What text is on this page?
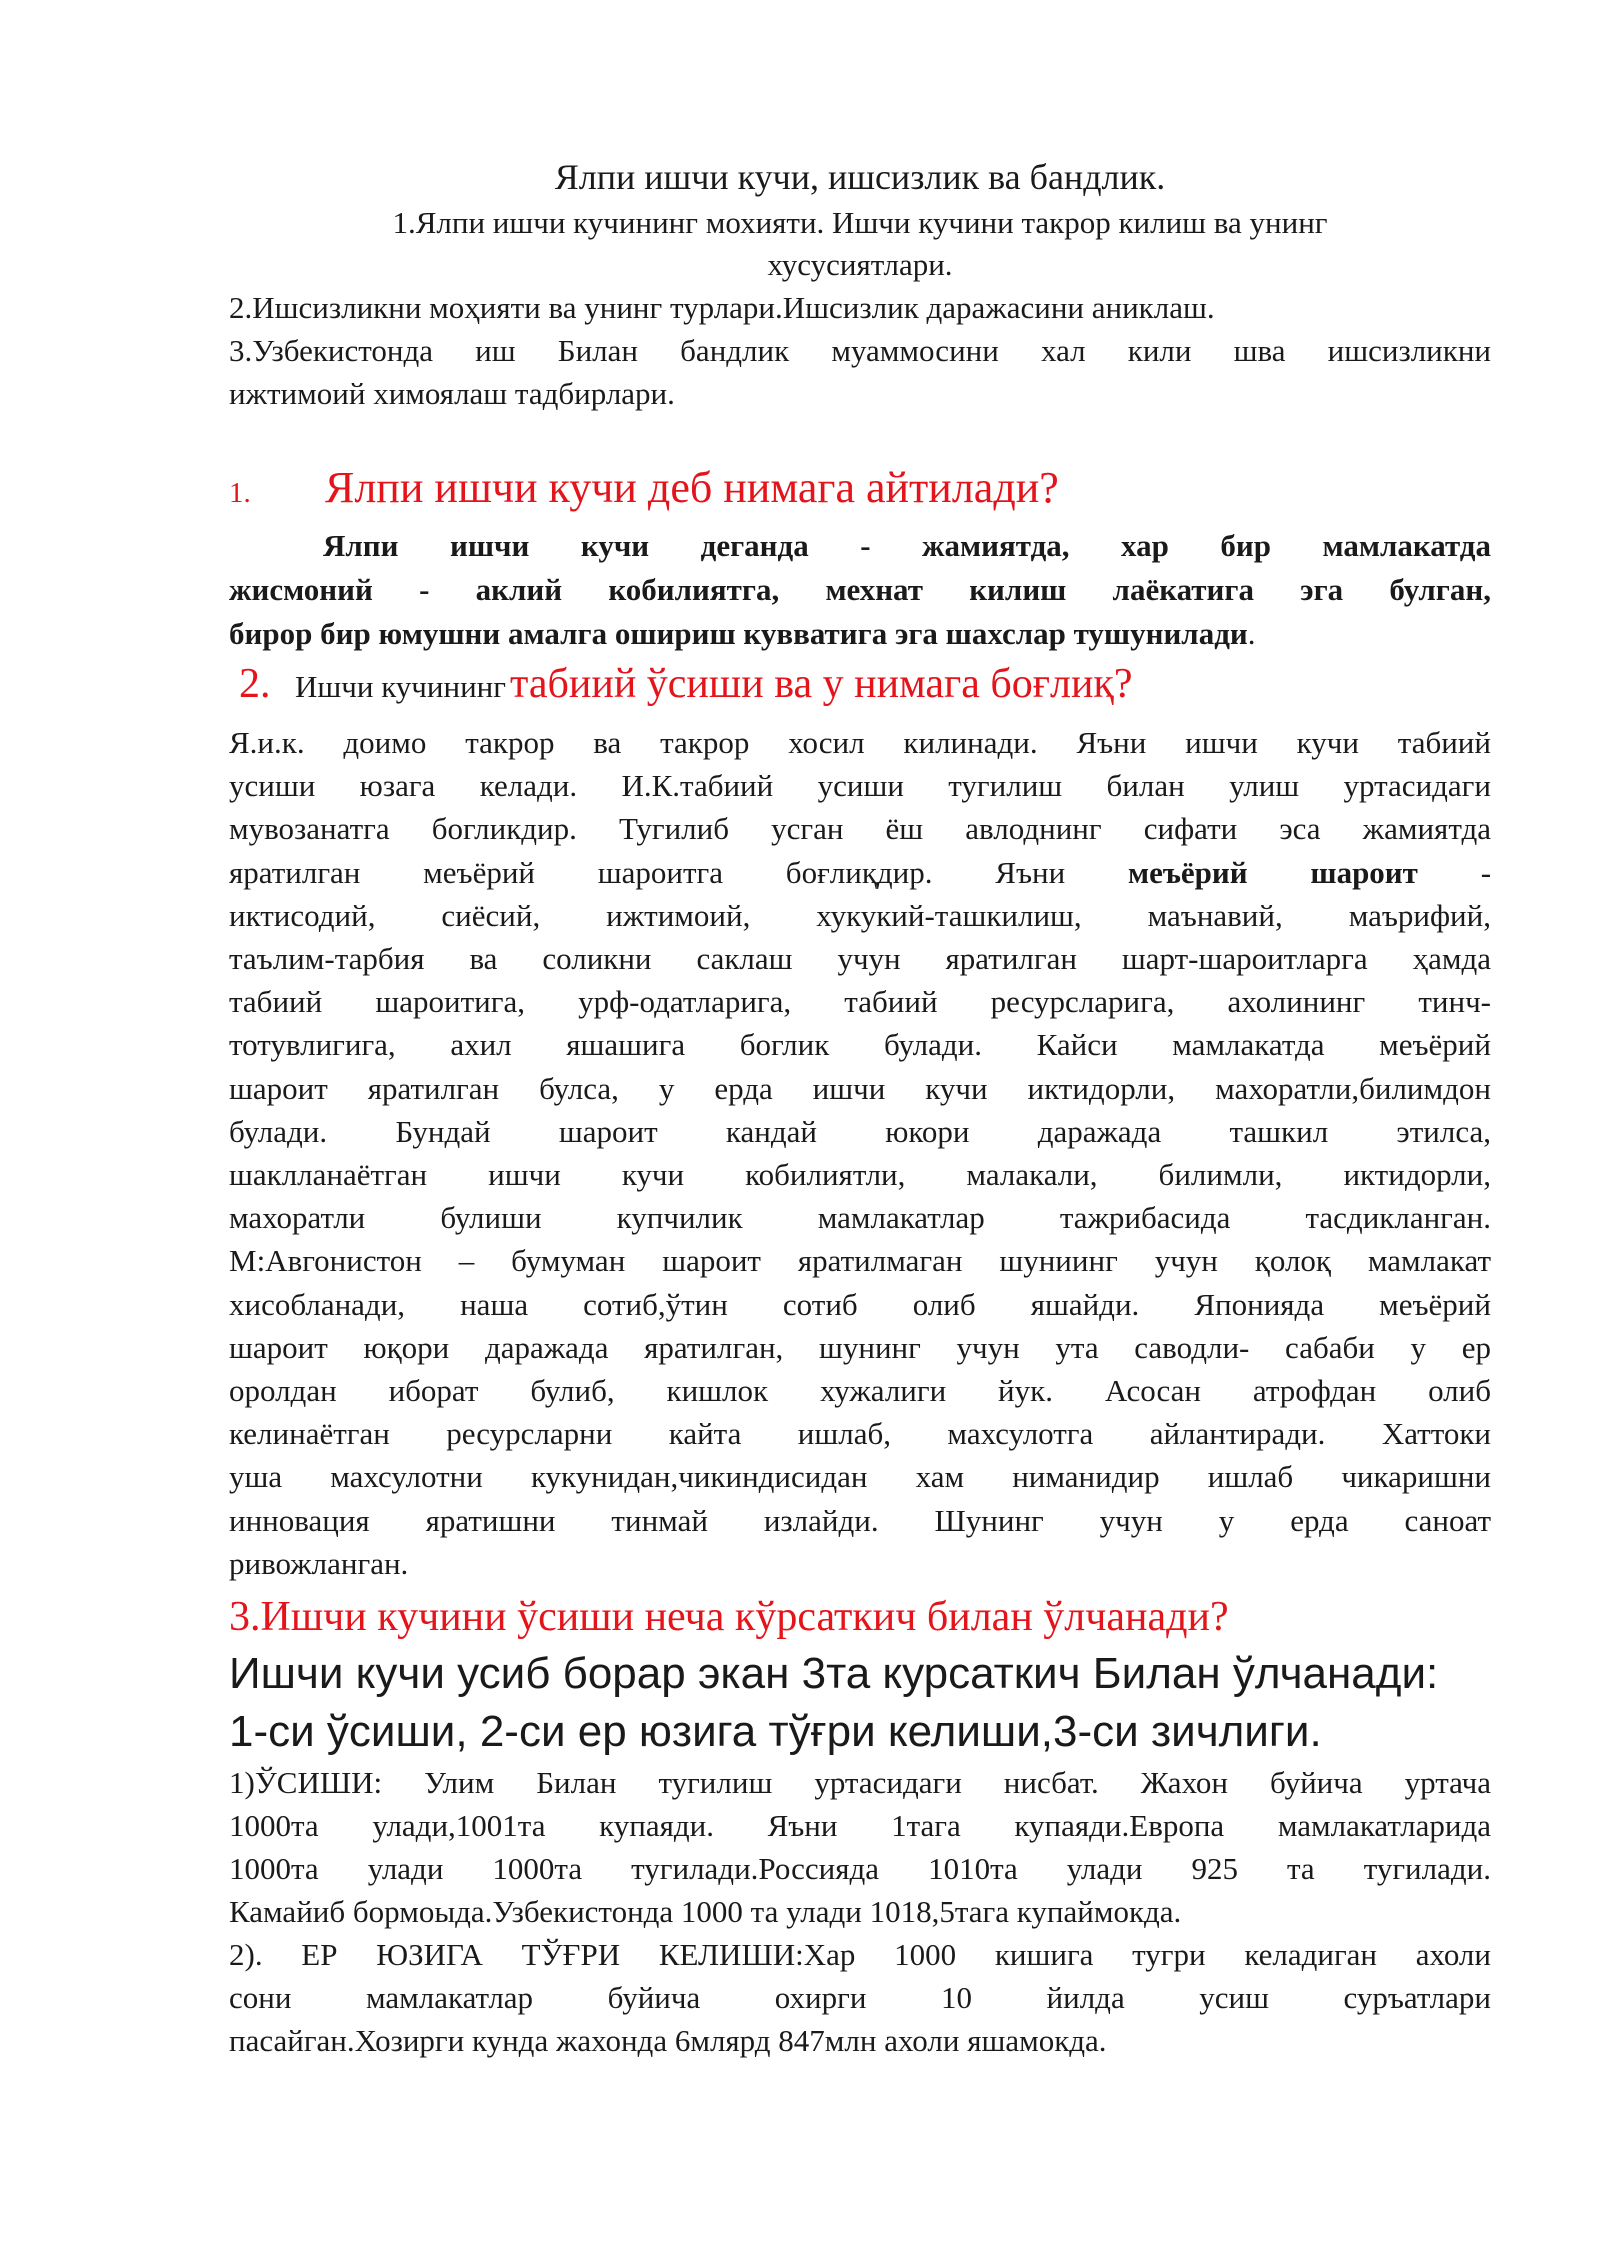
Ялпи ишчи кучи, ишсизлик ва бандлик.

1.Ялпи ишчи кучининг мохияти. Ишчи кучини такрор килиш ва унинг
хусусиятлари.

2.Ишсизликни моҳияти ва унинг турлари.Ишсизлик даражасини аниклаш.

3.Узбекистонда иш Билан бандлик муаммосини хал кили шва ишсизликни

ижтимоий химоялаш тадбирлари.

1. Ялпи ишчи кучи деб нимага айтилади?

Ялпи ишчи кучи деганда - жамиятда, хар бир мамлакатда

жисмоний - аклий кобилиятга, мехнат килиш лаёкатига эга булган,

бирор бир юмушни амалга ошириш кувватига эга шахслар тушунилади.

2. Ишчи кучининг табиий ўсиши ва у нимага боғлиқ?

Я.и.к. доимо такрор ва такрор хосил килинади. Яъни ишчи кучи табиий

усиши юзага келади. И.К.табиий усиши тугилиш билан улиш уртасидаги

мувозанатга богликдир. Тугилиб усган ёш авлоднинг сифати эса жамиятда

яратилган меъёрий шароитга боғлиқдир. Яъни меъёрий шароит -

иктисодий, сиёсий, ижтимоий, хукукий-ташкилиш, маънавий, маърифий,

таълим-тарбия ва соликни саклаш учун яратилган шарт-шароитларга ҳамда

табиий шароитига, урф-одатларига, табиий ресурсларига, ахолининг тинч-

тотувлигига, ахил яшашига боглик булади. Кайси мамлакатда меъёрий

шароит яратилган булса, у ерда ишчи кучи иктидорли, махоратли,билимдон

булади. Бундай шароит кандай юкори даражада ташкил этилса,

шаклланаётган ишчи кучи кобилиятли, малакали, билимли, иктидорли,

махоратли булиши купчилик мамлакатлар тажрибасида тасдикланган.

М:Авгонистон – бумуман шароит яратилмаган шуниинг учун қолоқ мамлакат

хисобланади, наша сотиб,ўтин сотиб олиб яшайди. Японияда меъёрий

шароит юқори даражада яратилган, шунинг учун ута саводли- сабаби у ер

оролдан иборат булиб, кишлок хужалиги йук. Асосан атрофдан олиб

келинаётган ресурсларни кайта ишлаб, махсулотга айлантиради. Хаттоки

уша махсулотни кукунидан,чикиндисидан хам ниманидир ишлаб чикаришни

инновация яратишни тинмай излайди. Шунинг учун у ерда саноат

ривожланган.

3.Ишчи кучини ўсиши неча кўрсаткич билан ўлчанади?

Ишчи кучи усиб борар экан 3та курсаткич Билан ўлчанади:

1-си ўсиши, 2-си ер юзига тўғри келиши,3-си зичлиги.

1)ЎСИШИ: Улим Билан тугилиш уртасидаги нисбат. Жахон буйича уртача

1000та улади,1001та купаяди. Яъни 1тага купаяди.Европа мамлакатларида

1000та улади 1000та тугилади.Россияда 1010та улади 925 та тугилади.

Камайиб бормоыда.Узбекистонда 1000 та улади 1018,5тага купаймокда.

2). ЕР ЮЗИГА ТЎҒРИ КЕЛИШИ:Хар 1000 кишига тугри келадиган ахоли

сони мамлакатлар буйича охирги 10 йилда усиш суръатлари

пасайган.Хозирги кунда жахонда 6млярд 847млн ахоли яшамокда.
